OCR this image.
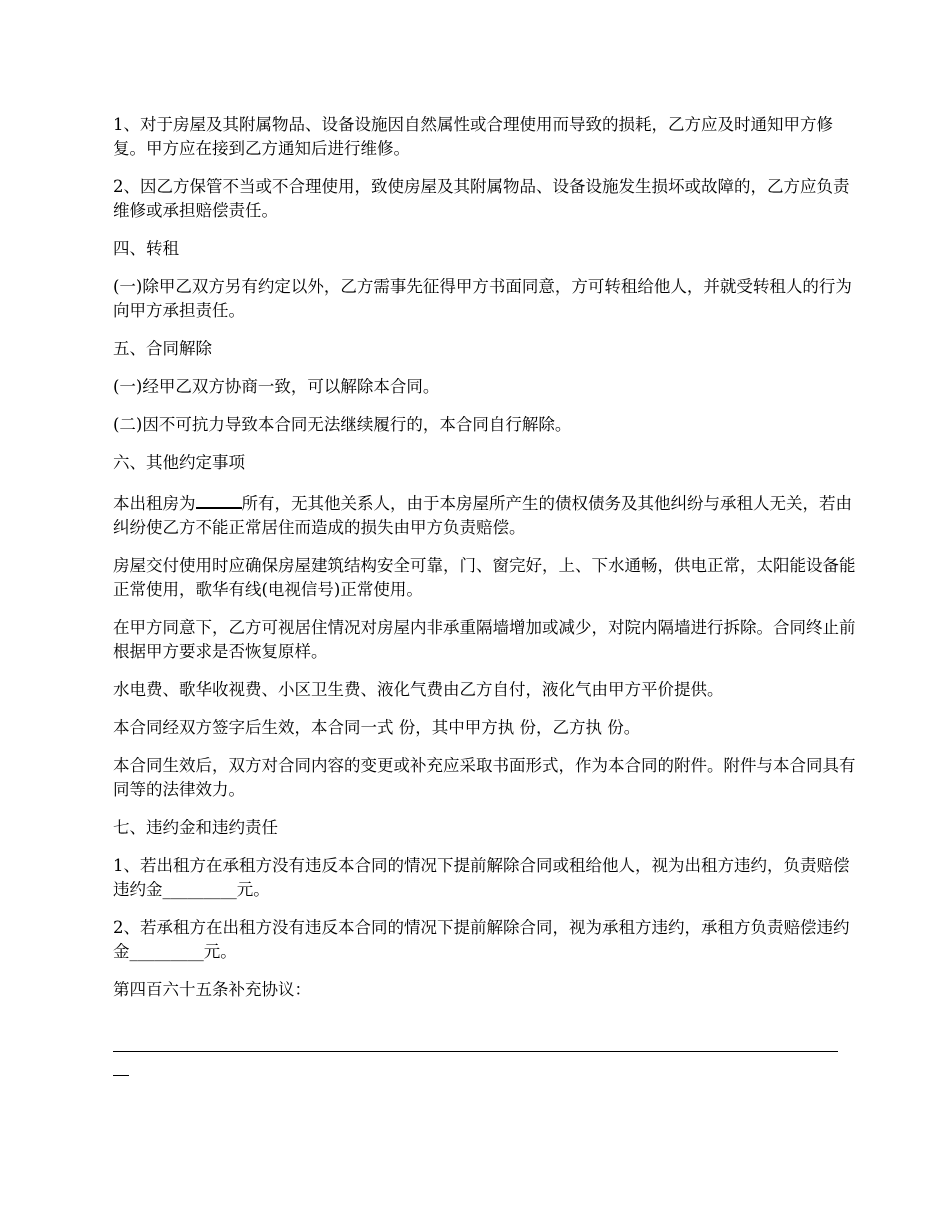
1、对于房屋及其附属物品、设备设施因自然属性或合理使用而导致的损耗，乙方应及时通知甲方修复。甲方应在接到乙方通知后进行维修。

2、因乙方保管不当或不合理使用，致使房屋及其附属物品、设备设施发生损坏或故障的，乙方应负责维修或承担赔偿责任。

四、转租

(一)除甲乙双方另有约定以外，乙方需事先征得甲方书面同意，方可转租给他人，并就受转租人的行为向甲方承担责任。

五、合同解除

(一)经甲乙双方协商一致，可以解除本合同。

(二)因不可抗力导致本合同无法继续履行的，本合同自行解除。

六、其他约定事项

本出租房为	所有，无其他关系人，由于本房屋所产生的债权债务及其他纠纷与承租人无关，若由纠纷使乙方不能正常居住而造成的损失由甲方负责赔偿。

房屋交付使用时应确保房屋建筑结构安全可靠，门、窗完好，上、下水通畅，供电正常，太阳能设备能正常使用，歌华有线(电视信号)正常使用。

在甲方同意下，乙方可视居住情况对房屋内非承重隔墙增加或减少，对院内隔墙进行拆除。合同终止前根据甲方要求是否恢复原样。

水电费、歌华收视费、小区卫生费、液化气费由乙方自付，液化气由甲方平价提供。

本合同经双方签字后生效，本合同一式 份，其中甲方执 份，乙方执 份。

本合同生效后，双方对合同内容的变更或补充应采取书面形式，作为本合同的附件。附件与本合同具有同等的法律效力。

七、违约金和违约责任

1、若出租方在承租方没有违反本合同的情况下提前解除合同或租给他人，视为出租方违约，负责赔偿违约金_________元。

2、若承租方在出租方没有违反本合同的情况下提前解除合同，视为承租方违约，承租方负责赔偿违约金_________元。

第四百六十五条补充协议：
